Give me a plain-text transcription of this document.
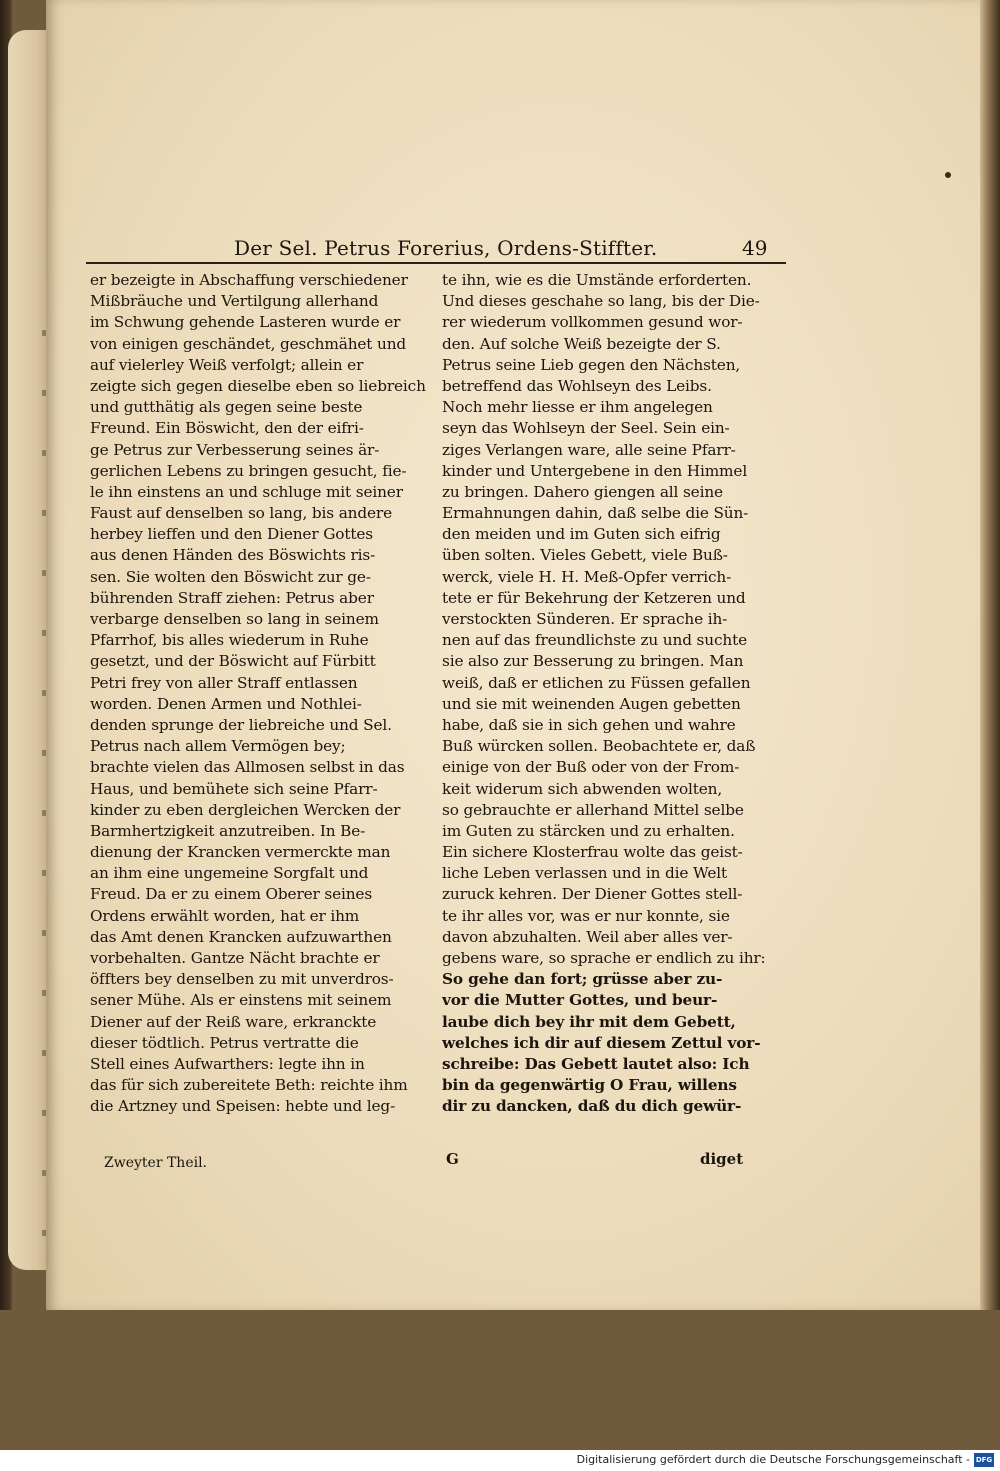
Der Sel. Petrus Forerius, Ordens-Stiffter.	49
er bezeigte in Abschaffung verschiedener
Mißbräuche und Vertilgung allerhand
im Schwung gehende Lasteren wurde er
von einigen geschändet, geschmähet und
auf vielerley Weiß verfolgt; allein er
zeigte sich gegen dieselbe eben so liebreich
und gutthätig als gegen seine beste
Freund. Ein Böswicht, den der eifri-
ge Petrus zur Verbesserung seines är-
gerlichen Lebens zu bringen gesucht, fie-
le ihn einstens an und schluge mit seiner
Faust auf denselben so lang, bis andere
herbey lieffen und den Diener Gottes
aus denen Händen des Böswichts ris-
sen. Sie wolten den Böswicht zur ge-
bührenden Straff ziehen: Petrus aber
verbarge denselben so lang in seinem
Pfarrhof, bis alles wiederum in Ruhe
gesetzt, und der Böswicht auf Fürbitt
Petri frey von aller Straff entlassen
worden. Denen Armen und Nothlei-
denden sprunge der liebreiche und Sel.
Petrus nach allem Vermögen bey;
brachte vielen das Allmosen selbst in das
Haus, und bemühete sich seine Pfarr-
kinder zu eben dergleichen Wercken der
Barmhertzigkeit anzutreiben. In Be-
dienung der Krancken vermerckte man
an ihm eine ungemeine Sorgfalt und
Freud. Da er zu einem Oberer seines
Ordens erwählt worden, hat er ihm
das Amt denen Krancken aufzuwarthen
vorbehalten. Gantze Nächt brachte er
öffters bey denselben zu mit unverdros-
sener Mühe. Als er einstens mit seinem
Diener auf der Reiß ware, erkranckte
dieser tödtlich. Petrus vertratte die
Stell eines Aufwarthers: legte ihn in
das für sich zubereitete Beth: reichte ihm
die Artzney und Speisen: hebte und leg-
te ihn, wie es die Umstände erforderten.
Und dieses geschahe so lang, bis der Die-
rer wiederum vollkommen gesund wor-
den. Auf solche Weiß bezeigte der S.
Petrus seine Lieb gegen den Nächsten,
betreffend das Wohlseyn des Leibs.
Noch mehr liesse er ihm angelegen
seyn das Wohlseyn der Seel. Sein ein-
ziges Verlangen ware, alle seine Pfarr-
kinder und Untergebene in den Himmel
zu bringen. Dahero giengen all seine
Ermahnungen dahin, daß selbe die Sün-
den meiden und im Guten sich eifrig
üben solten. Vieles Gebett, viele Buß-
werck, viele H. H. Meß-Opfer verrich-
tete er für Bekehrung der Ketzeren und
verstockten Sünderen. Er sprache ih-
nen auf das freundlichste zu und suchte
sie also zur Besserung zu bringen. Man
weiß, daß er etlichen zu Füssen gefallen
und sie mit weinenden Augen gebetten
habe, daß sie in sich gehen und wahre
Buß würcken sollen. Beobachtete er, daß
einige von der Buß oder von der From-
keit widerum sich abwenden wolten,
so gebrauchte er allerhand Mittel selbe
im Guten zu stärcken und zu erhalten.
Ein sichere Klosterfrau wolte das geist-
liche Leben verlassen und in die Welt
zuruck kehren. Der Diener Gottes stell-
te ihr alles vor, was er nur konnte, sie
davon abzuhalten. Weil aber alles ver-
gebens ware, so sprache er endlich zu ihr:
So gehe dan fort; grüsse aber zu-
vor die Mutter Gottes, und beur-
laube dich bey ihr mit dem Gebett,
welches ich dir auf diesem Zettul vor-
schreibe: Das Gebett lautet also: Ich
bin da gegenwärtig O Frau, willens
dir zu dancken, daß du dich gewür-
Zweyter Theil.	G	diget
Digitalisierung gefördert durch die Deutsche Forschungsgemeinschaft - DFG
